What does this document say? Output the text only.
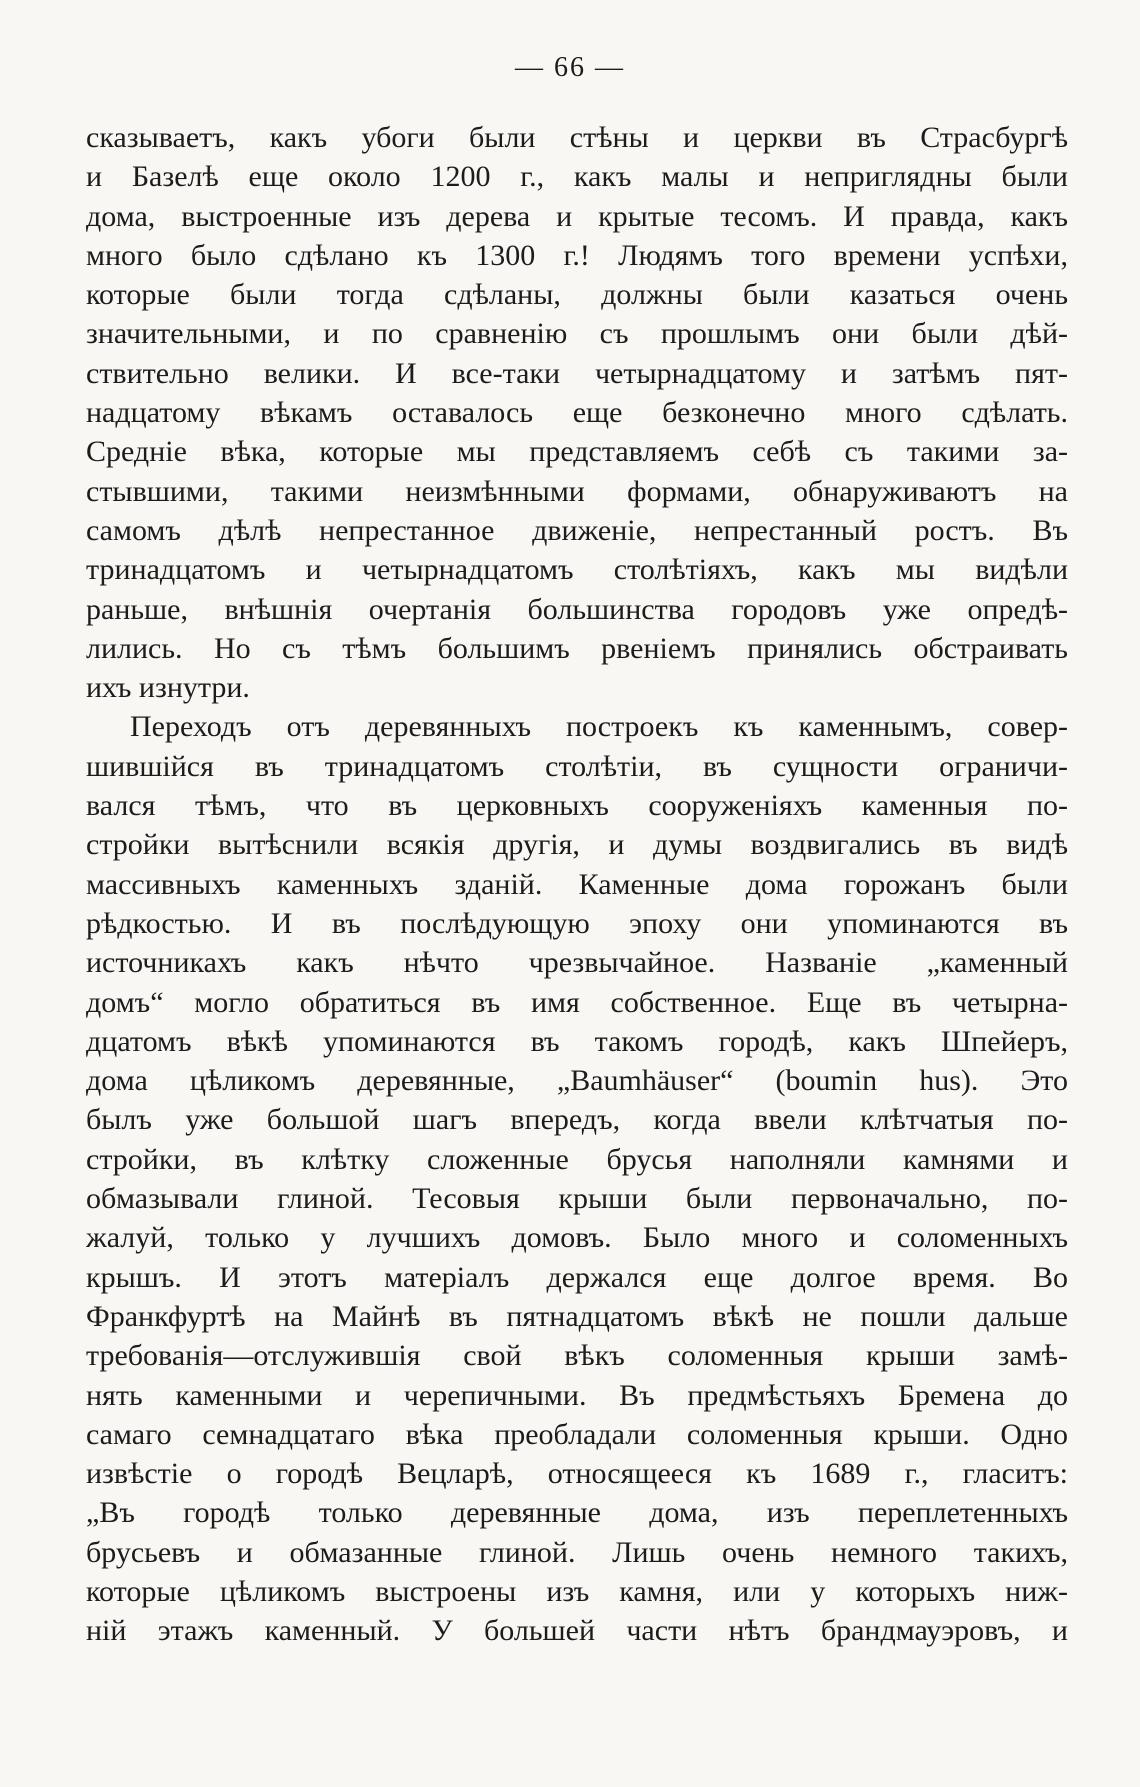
— 66 —
сказываетъ, какъ убоги были стѣны и церкви въ Страсбургѣ
и Базелѣ еще около 1200 г., какъ малы и неприглядны были
дома, выстроенные изъ дерева и крытые тесомъ. И правда, какъ
много было сдѣлано къ 1300 г.! Людямъ того времени успѣхи,
которые были тогда сдѣланы, должны были казаться очень
значительными, и по сравненію съ прошлымъ они были дѣй-
ствительно велики. И все-таки четырнадцатому и затѣмъ пят-
надцатому вѣкамъ оставалось еще безконечно много сдѣлать.
Средніе вѣка, которые мы представляемъ себѣ съ такими за-
стывшими, такими неизмѣнными формами, обнаруживаютъ на
самомъ дѣлѣ непрестанное движеніе, непрестанный ростъ. Въ
тринадцатомъ и четырнадцатомъ столѣтіяхъ, какъ мы видѣли
раньше, внѣшнія очертанія большинства городовъ уже опредѣ-
лились. Но съ тѣмъ большимъ рвеніемъ принялись обстраивать
ихъ изнутри.
Переходъ отъ деревянныхъ построекъ къ каменнымъ, совер-
шившійся въ тринадцатомъ столѣтіи, въ сущности ограничи-
вался тѣмъ, что въ церковныхъ сооруженіяхъ каменныя по-
стройки вытѣснили всякія другія, и думы воздвигались въ видѣ
массивныхъ каменныхъ зданій. Каменные дома горожанъ были
рѣдкостью. И въ послѣдующую эпоху они упоминаются въ
источникахъ какъ нѣчто чрезвычайное. Названіе „каменный
домъ“ могло обратиться въ имя собственное. Еще въ четырна-
дцатомъ вѣкѣ упоминаются въ такомъ городѣ, какъ Шпейеръ,
дома цѣликомъ деревянные, „Baumhäuser“ (boumin hus). Это
былъ уже большой шагъ впередъ, когда ввели клѣтчатыя по-
стройки, въ клѣтку сложенные брусья наполняли камнями и
обмазывали глиной. Тесовыя крыши были первоначально, по-
жалуй, только у лучшихъ домовъ. Было много и соломенныхъ
крышъ. И этотъ матеріалъ держался еще долгое время. Во
Франкфуртѣ на Майнѣ въ пятнадцатомъ вѣкѣ не пошли дальше
требованія—отслужившія свой вѣкъ соломенныя крыши замѣ-
нять каменными и черепичными. Въ предмѣстьяхъ Бремена до
самаго семнадцатаго вѣка преобладали соломенныя крыши. Одно
извѣстіе о городѣ Вецларѣ, относящееся къ 1689 г., гласитъ:
„Въ городѣ только деревянные дома, изъ переплетенныхъ
брусьевъ и обмазанные глиной. Лишь очень немного такихъ,
которые цѣликомъ выстроены изъ камня, или у которыхъ ниж-
ній этажъ каменный. У большей части нѣтъ брандмауэровъ, и
